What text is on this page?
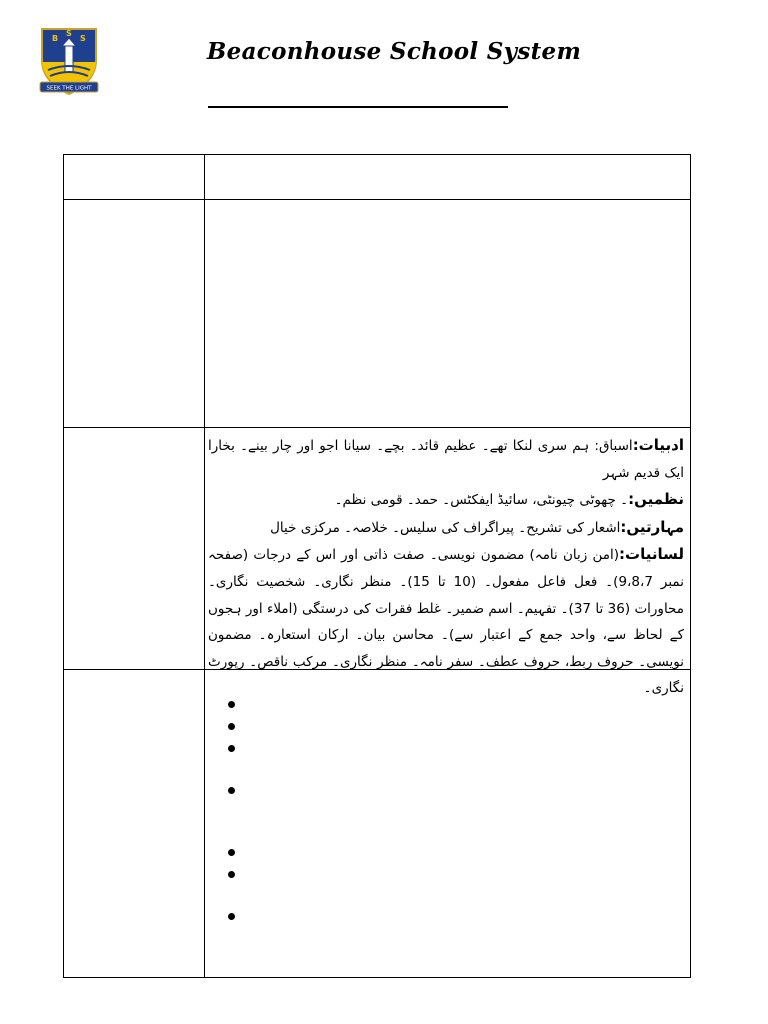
B
S
S
SEEK THE LIGHT
Beaconhouse School System

ادبیات:اسباق: ہم سری لنکا تھے۔ عظیم قائد۔ بچے۔ سیانا اجو اور چار بینے۔ بخارا ایک قدیم شہر

نظمیں:۔ چھوٹی چیونٹی، سائیڈ ایفکٹس۔ حمد۔ قومی نظم۔

مہارتیں:اشعار کی تشریح۔ پیراگراف کی سلیس۔ خلاصہ۔ مرکزی خیال

لسانیات:(امن زبان نامہ) مضمون نویسی۔ صفت ذاتی اور اس کے درجات (صفحہ نمبر 9،8،7)۔ فعل فاعل مفعول۔ (10 تا 15)۔ منظر نگاری۔ شخصیت نگاری۔ محاورات (36 تا 37)۔ تفہیم۔ اسم ضمیر۔ غلط فقرات کی درستگی (املاء اور ہجوں کے لحاظ سے، واحد جمع کے اعتبار سے)۔ محاسن بیان۔ ارکان استعارہ۔ مضمون نویسی۔ حروف ربط، حروف عطف۔ سفر نامہ۔ منظر نگاری۔ مرکب ناقص۔ رپورٹ نگاری۔
